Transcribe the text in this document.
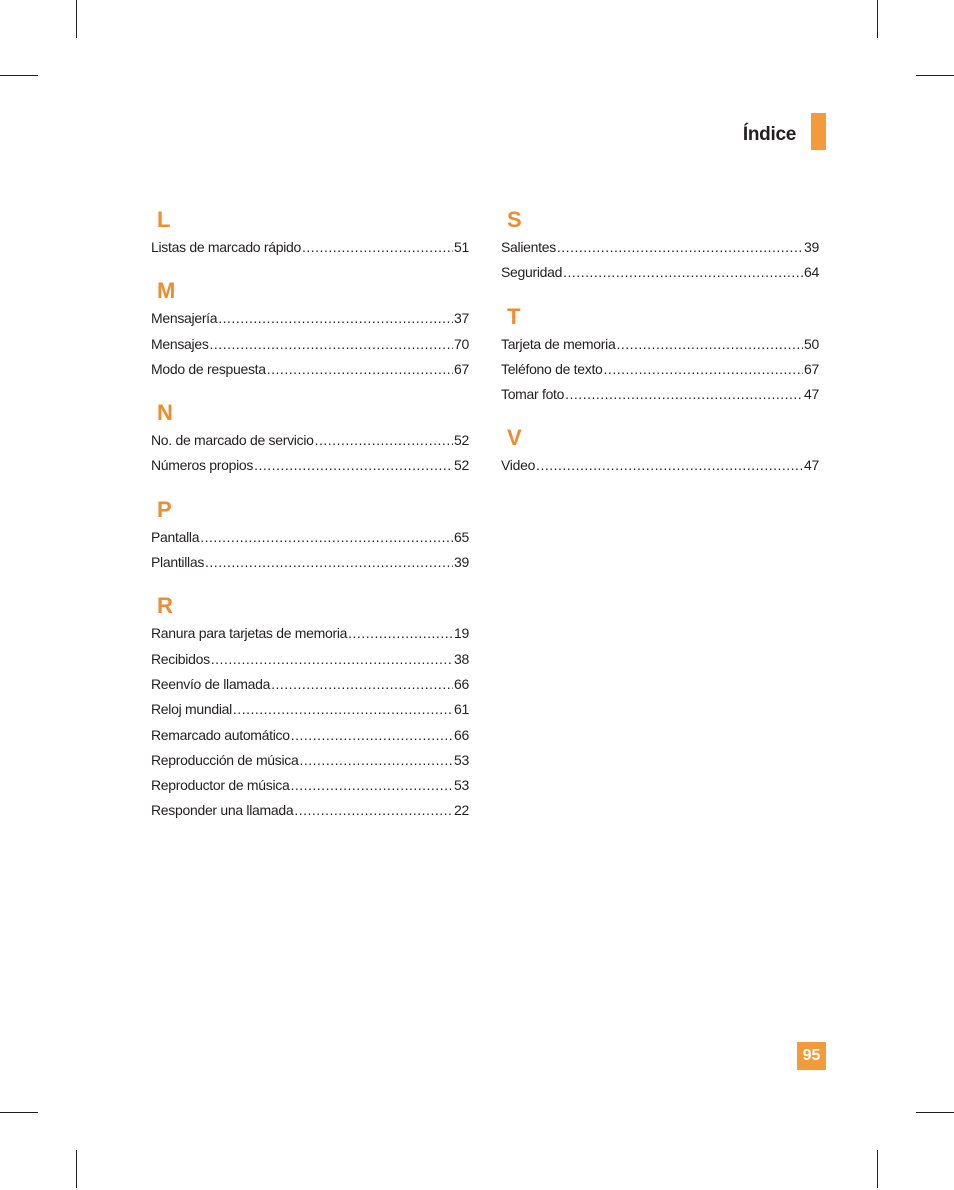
Índice
L
Listas de marcado rápido .....	51
M
Mensajería .....	37
Mensajes .....	70
Modo de respuesta .....	67
N
No. de marcado de servicio .....	52
Números propios .....	52
P
Pantalla .....	65
Plantillas .....	39
R
Ranura para tarjetas de memoria .....	19
Recibidos .....	38
Reenvío de llamada .....	66
Reloj mundial .....	61
Remarcado automático .....	66
Reproducción de música .....	53
Reproductor de música .....	53
Responder una llamada .....	22
S
Salientes .....	39
Seguridad .....	64
T
Tarjeta de memoria .....	50
Teléfono de texto .....	67
Tomar foto .....	47
V
Video .....	47
95
